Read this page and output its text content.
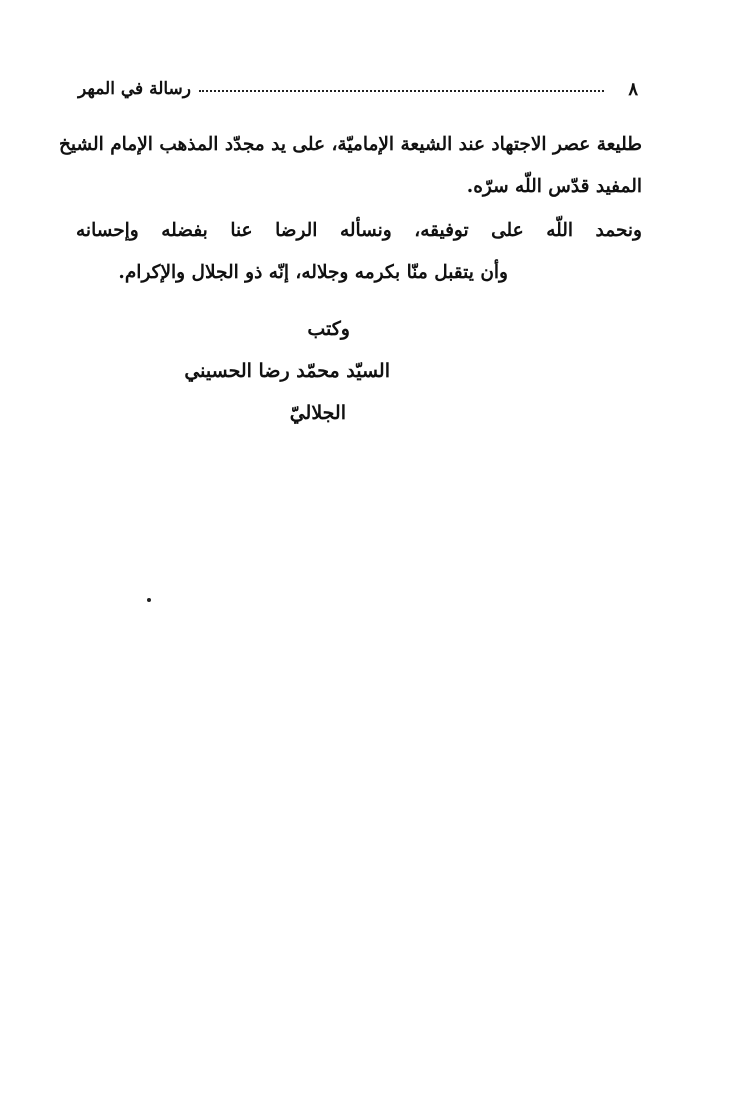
٨
رسالة في المهر
طليعة عصر الاجتهاد عند الشيعة الإماميّة، على يد مجدّد المذهب الإمام الشيخ
المفيد قدّس اللّه سرّه.
ونحمد اللّه على توفيقه، ونسأله الرضا عنا بفضله وإحسانه
وأن يتقبل منّا بكرمه وجلاله، إنّه ذو الجلال والإكرام.
وكتب
السيّد محمّد رضا الحسيني
الجلاليّ
